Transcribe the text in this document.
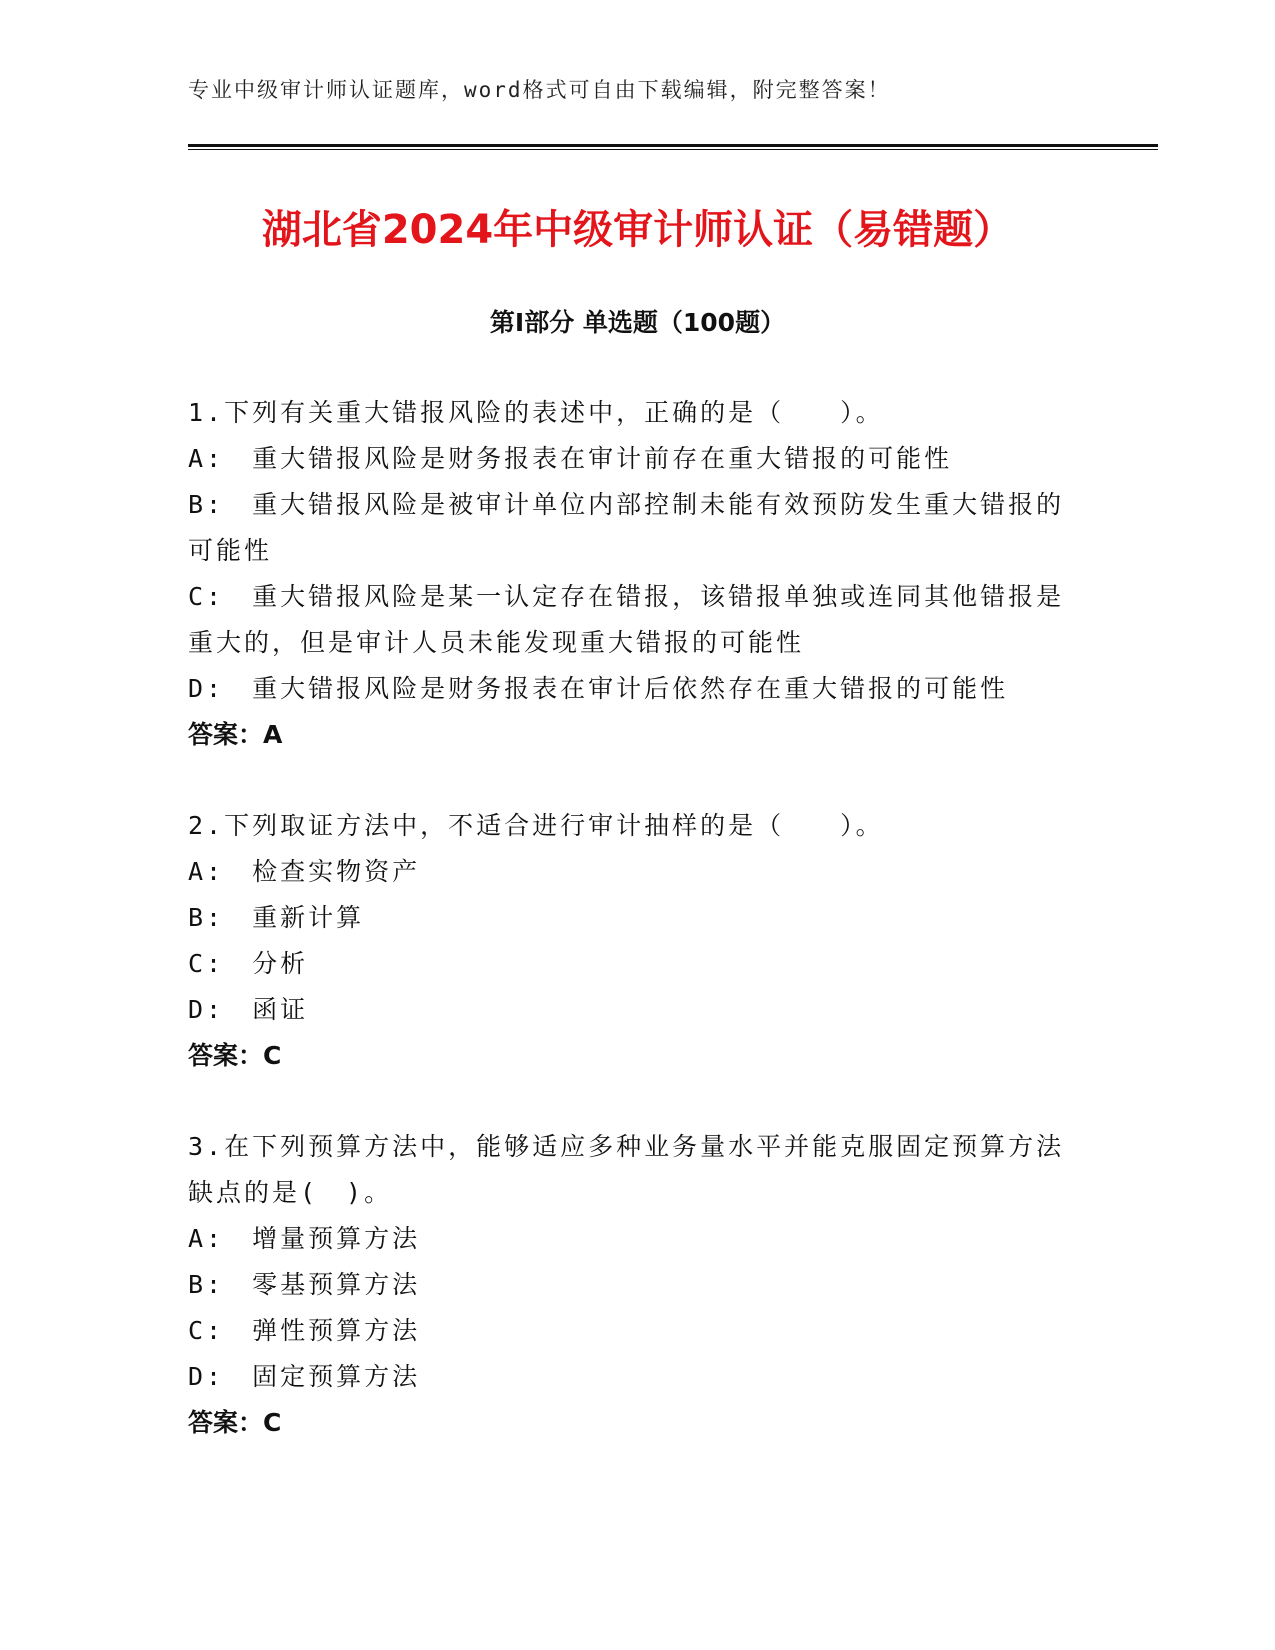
专业中级审计师认证题库，word格式可自由下载编辑，附完整答案！
湖北省2024年中级审计师认证（易错题）
第I部分 单选题（100题）
1.下列有关重大错报风险的表述中，正确的是（　　）。
A:　重大错报风险是财务报表在审计前存在重大错报的可能性
B:　重大错报风险是被审计单位内部控制未能有效预防发生重大错报的可能性
C:　重大错报风险是某一认定存在错报，该错报单独或连同其他错报是重大的，但是审计人员未能发现重大错报的可能性
D:　重大错报风险是财务报表在审计后依然存在重大错报的可能性
答案：A
2.下列取证方法中，不适合进行审计抽样的是（　　）。
A:　检查实物资产
B:　重新计算
C:　分析
D:　函证
答案：C
3.在下列预算方法中，能够适应多种业务量水平并能克服固定预算方法缺点的是(　)。
A:　增量预算方法
B:　零基预算方法
C:　弹性预算方法
D:　固定预算方法
答案：C
